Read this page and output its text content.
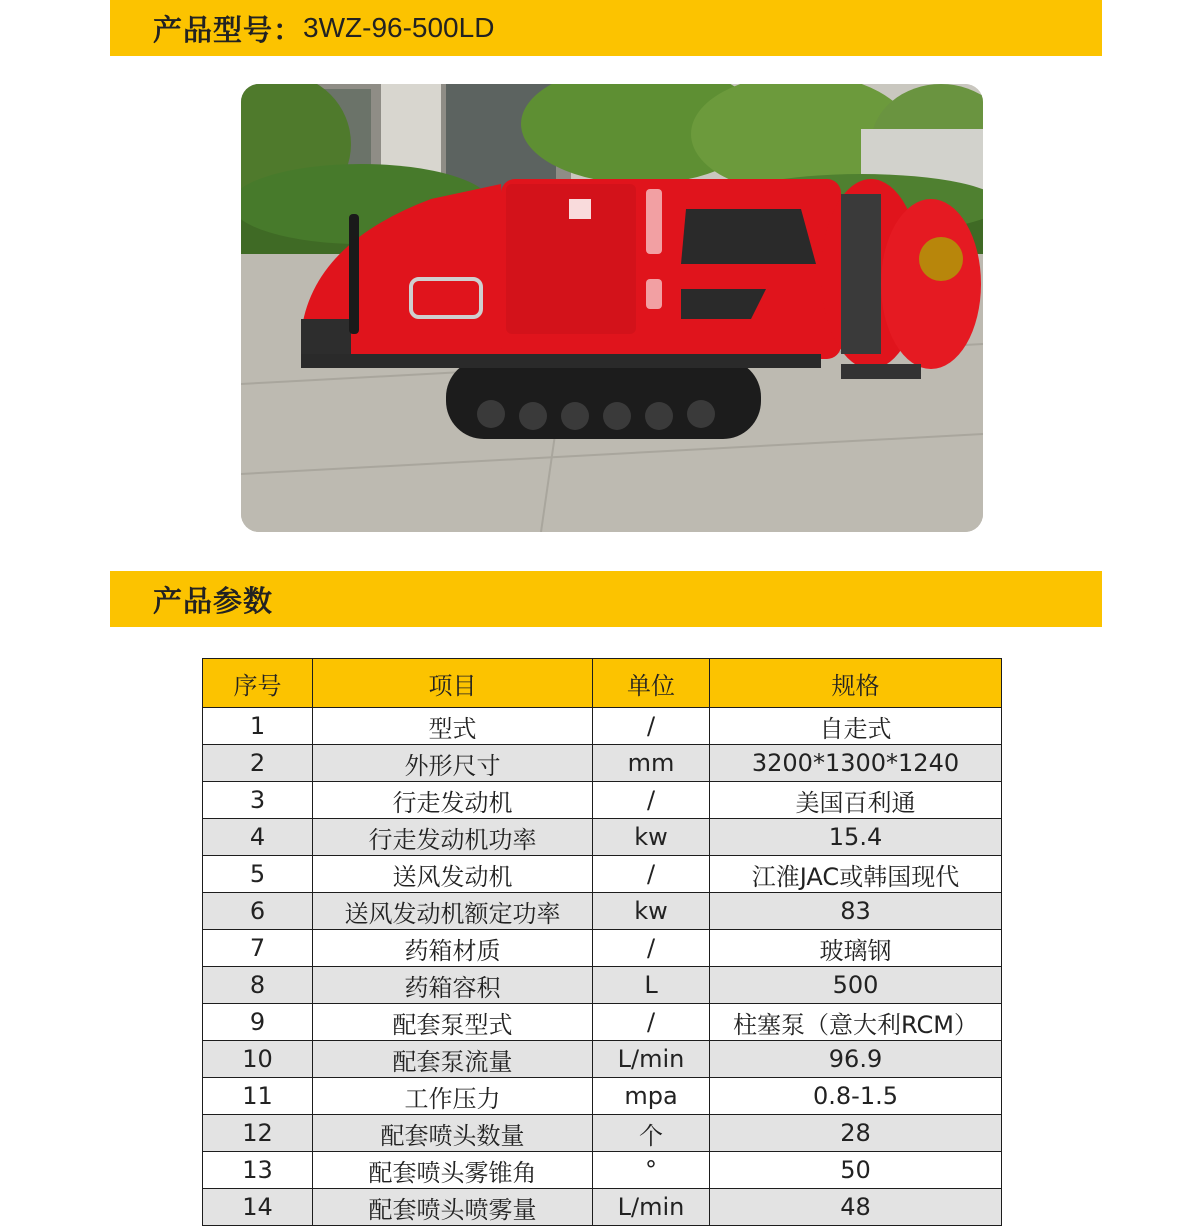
产品型号： 3WZ-96-500LD
产品参数
序号	项目	单位	规格
1	型式	/	自走式
2	外形尺寸	mm	3200*1300*1240
3	行走发动机	/	美国百利通
4	行走发动机功率	kw	15.4
5	送风发动机	/	江淮JAC或韩国现代
6	送风发动机额定功率	kw	83
7	药箱材质	/	玻璃钢
8	药箱容积	L	500
9	配套泵型式	/	柱塞泵（意大利RCM）
10	配套泵流量	L/min	96.9
11	工作压力	mpa	0.8-1.5
12	配套喷头数量	个	28
13	配套喷头雾锥角	°	50
14	配套喷头喷雾量	L/min	48
